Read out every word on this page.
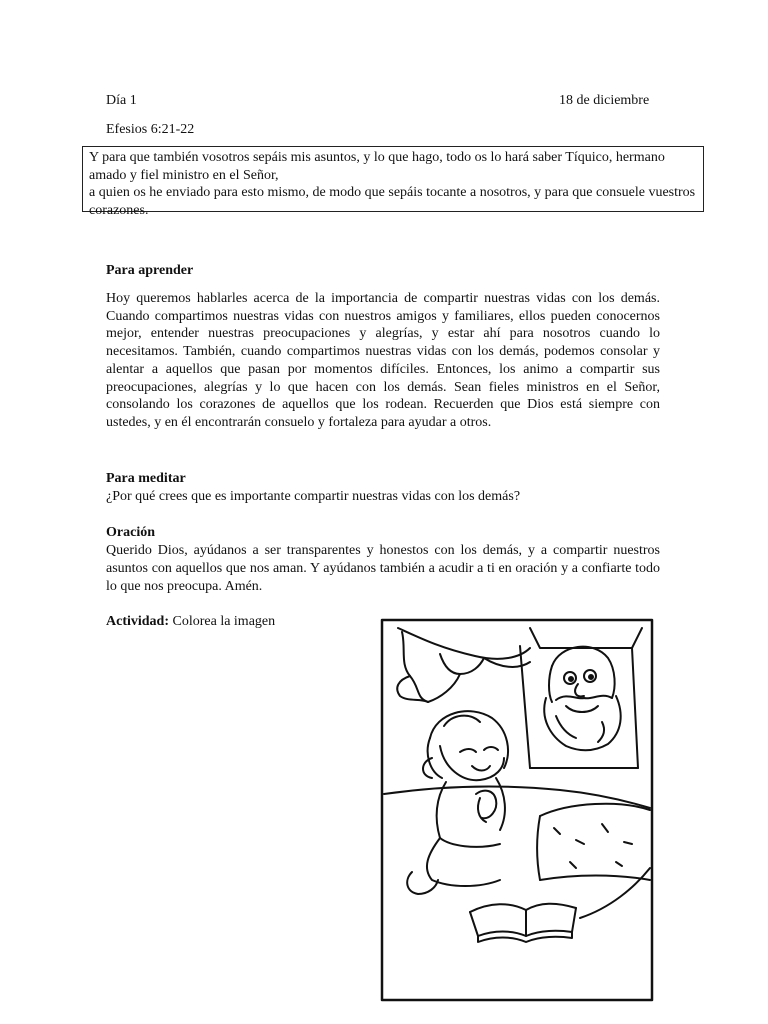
Día 1	18 de diciembre
Efesios 6:21-22

Y para que también vosotros sepáis mis asuntos, y lo que hago, todo os lo hará saber Tíquico, hermano amado y fiel ministro en el Señor,

a quien os he enviado para esto mismo, de modo que sepáis tocante a nosotros, y para que consuele vuestros corazones.

Para aprender

Hoy queremos hablarles acerca de la importancia de compartir nuestras vidas con los demás. Cuando compartimos nuestras vidas con nuestros amigos y familiares, ellos pueden conocernos mejor, entender nuestras preocupaciones y alegrías, y estar ahí para nosotros cuando lo necesitamos. También, cuando compartimos nuestras vidas con los demás, podemos consolar y alentar a aquellos que pasan por momentos difíciles. Entonces, los animo a compartir sus preocupaciones, alegrías y lo que hacen con los demás. Sean fieles ministros en el Señor, consolando los corazones de aquellos que los rodean. Recuerden que Dios está siempre con ustedes, y en él encontrarán consuelo y fortaleza para ayudar a otros.

Para meditar
¿Por qué crees que es importante compartir nuestras vidas con los demás?
Oración

Querido Dios, ayúdanos a ser transparentes y honestos con los demás, y a compartir nuestros asuntos con aquellos que nos aman. Y ayúdanos también a acudir a ti en oración y a confiarte todo lo que nos preocupa. Amén.

Actividad: Colorea la imagen
